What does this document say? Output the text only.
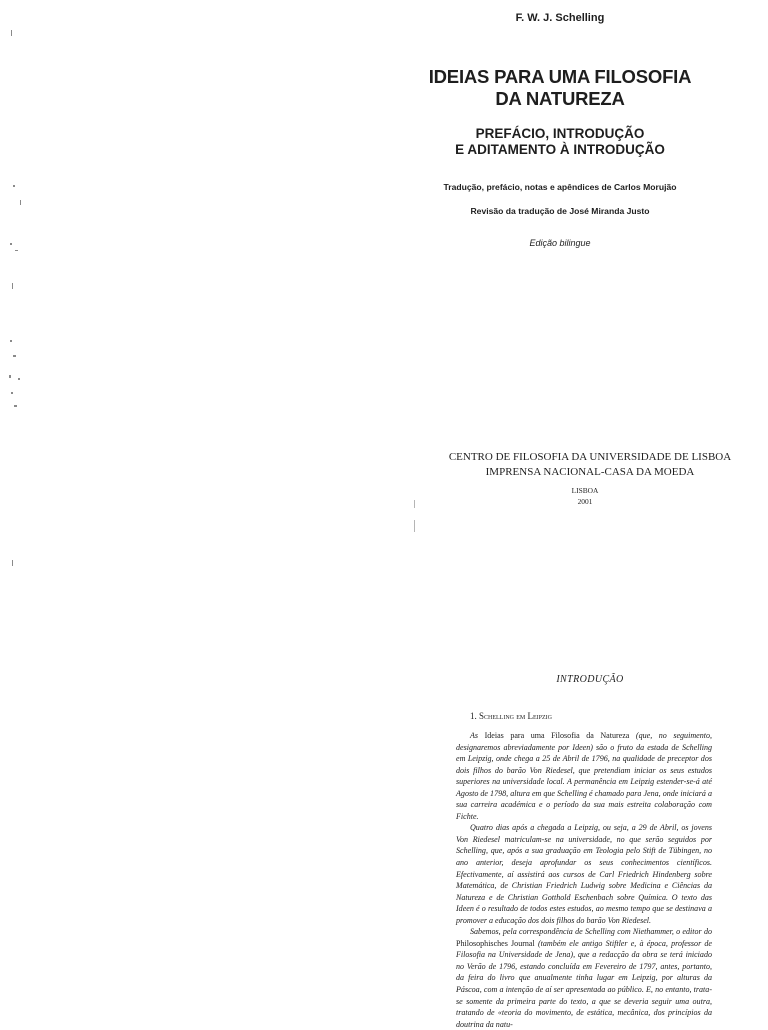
F. W. J. Schelling
IDEIAS PARA UMA FILOSOFIA
DA NATUREZA
PREFÁCIO, INTRODUÇÃO
E ADITAMENTO À INTRODUÇÃO
Tradução, prefácio, notas e apêndices de Carlos Morujão
Revisão da tradução de José Miranda Justo
Edição bilingue
CENTRO DE FILOSOFIA DA UNIVERSIDADE DE LISBOA
IMPRENSA NACIONAL-CASA DA MOEDA
LISBOA
2001
INTRODUÇÃO
1. Schelling em Leipzig

As Ideias para uma Filosofia da Natureza (que, no seguimento, designaremos abreviadamente por Ideen) são o fruto da estada de Schelling em Leipzig, onde chega a 25 de Abril de 1796, na qualidade de preceptor dos dois filhos do barão Von Riedesel, que pretendiam iniciar os seus estudos superiores na universidade local. A permanência em Leipzig estender-se-á até Agosto de 1798, altura em que Schelling é chamado para Jena, onde iniciará a sua carreira académica e o período da sua mais estreita colaboração com Fichte.

Quatro dias após a chegada a Leipzig, ou seja, a 29 de Abril, os jovens Von Riedesel matriculam-se na universidade, no que serão seguidos por Schelling, que, após a sua graduação em Teologia pelo Stift de Tübingen, no ano anterior, deseja aprofundar os seus conhecimentos científicos. Efectivamente, aí assistirá aos cursos de Carl Friedrich Hindenberg sobre Matemática, de Christian Friedrich Ludwig sobre Medicina e Ciências da Natureza e de Christian Gotthold Eschenbach sobre Química. O texto das Ideen é o resultado de todos estes estudos, ao mesmo tempo que se destinava a promover a educação dos dois filhos do barão Von Riedesel.

Sabemos, pela correspondência de Schelling com Niethammer, o editor do Philosophisches Journal (também ele antigo Stiftler e, à época, professor de Filosofia na Universidade de Jena), que a redacção da obra se terá iniciado no Verão de 1796, estando concluída em Fevereiro de 1797, antes, portanto, da feira do livro que anualmente tinha lugar em Leipzig, por alturas da Páscoa, com a intenção de aí ser apresentada ao público. E, no entanto, trata-se somente da primeira parte do texto, a que se deveria seguir uma outra, tratando de «teoria do movimento, de estática, mecânica, dos princípios da doutrina da natu-
